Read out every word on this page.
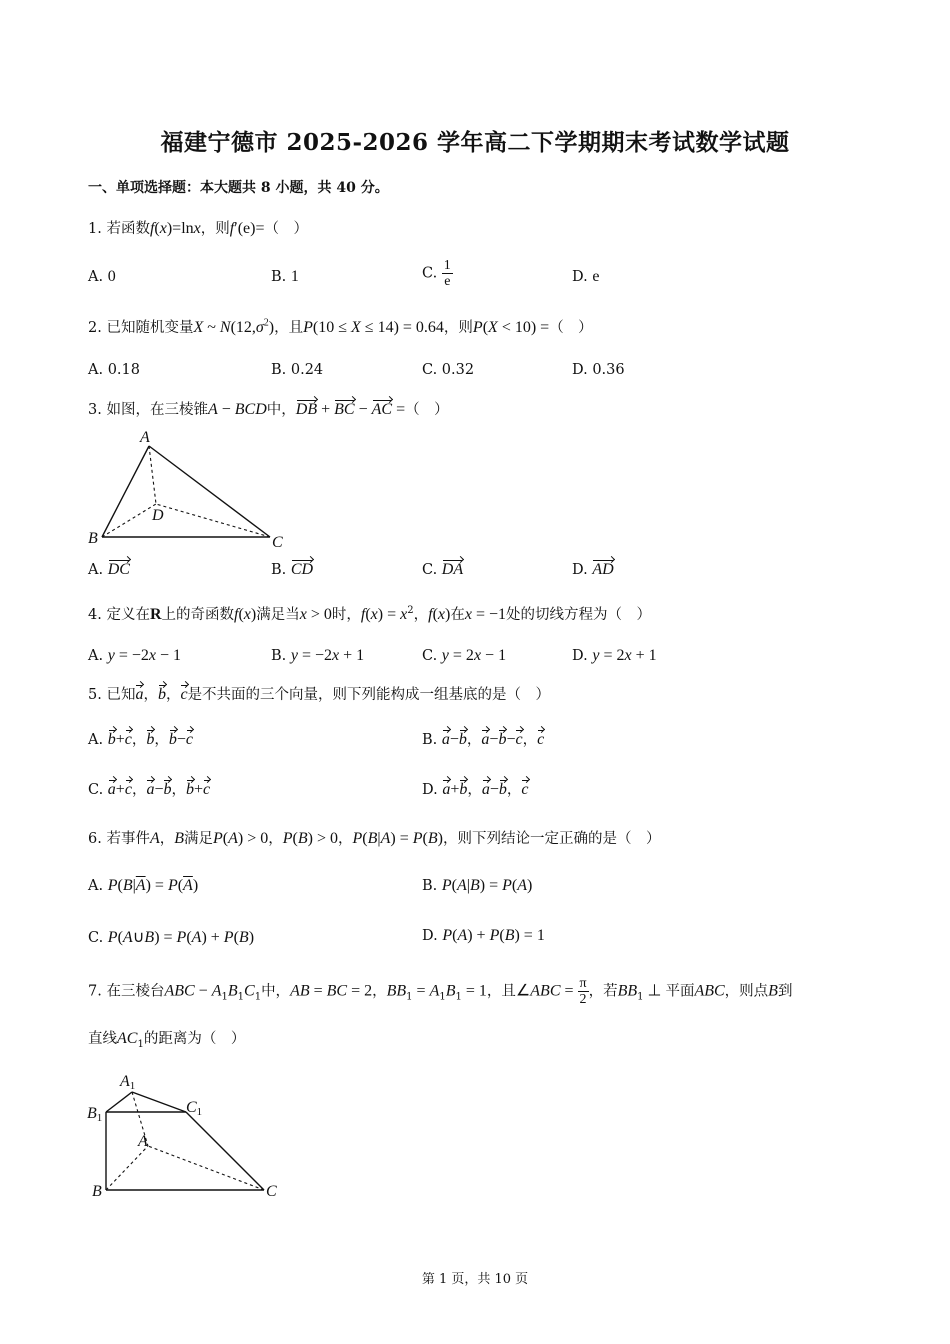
福建宁德市 2025-2026 学年高二下学期期末考试数学试题
一、单项选择题：本大题共 8 小题，共 40 分。
1. 若函数f(x)=lnx，则f′(e)=（　）
A. 0	B. 1	C. $\frac{1}{e}$	D. e
2. 已知随机变量X ~ $N(12,\sigma^2)$，且P(10 ≤ X ≤ 14) = 0.64，则P(X < 10) =（　）
A. 0.18	B. 0.24	C. 0.32	D. 0.36
3. 如图，在三棱锥A − BCD中，DB + BC − AC =（　）
A
B	C
D
A. DC	B. CD	C. DA	D. AD
4. 定义在R上的奇函数f(x)满足当x > 0时，$f(x) = x^2$，f(x)在x = −1处的切线方程为（　）
A. y = −2x − 1	B. y = −2x + 1	C. y = 2x − 1	D. y = 2x + 1
5. 已知a，b，c是不共面的三个向量，则下列能构成一组基底的是（　）
A. b+c，b，b−c	B. a−b，a−b−c，c
C. a+c，a−b，b+c	D. a+b，a−b，c
6. 若事件A，B满足P(A) > 0，P(B) > 0，P(B|A) = P(B)，则下列结论一定正确的是（　）
A. $P(B|\overline{A}) = P(\overline{A})$	B. P(A|B) = P(A)
C. P(A∪B) = P(A) + P(B)	D. P(A) + P(B) = 1
7. 在三棱台ABC − $A_1B_1C_1$中，AB = BC = 2，$BB_1 = A_1B_1 = 1$，且∠ABC = $\frac{\pi}{2}$ ，若$BB_1$ ⊥ 平面ABC，则点B到
直线$AC_1$的距离为（　）
A1
B1
C1
A
B	C
第 1 页，共 10 页
